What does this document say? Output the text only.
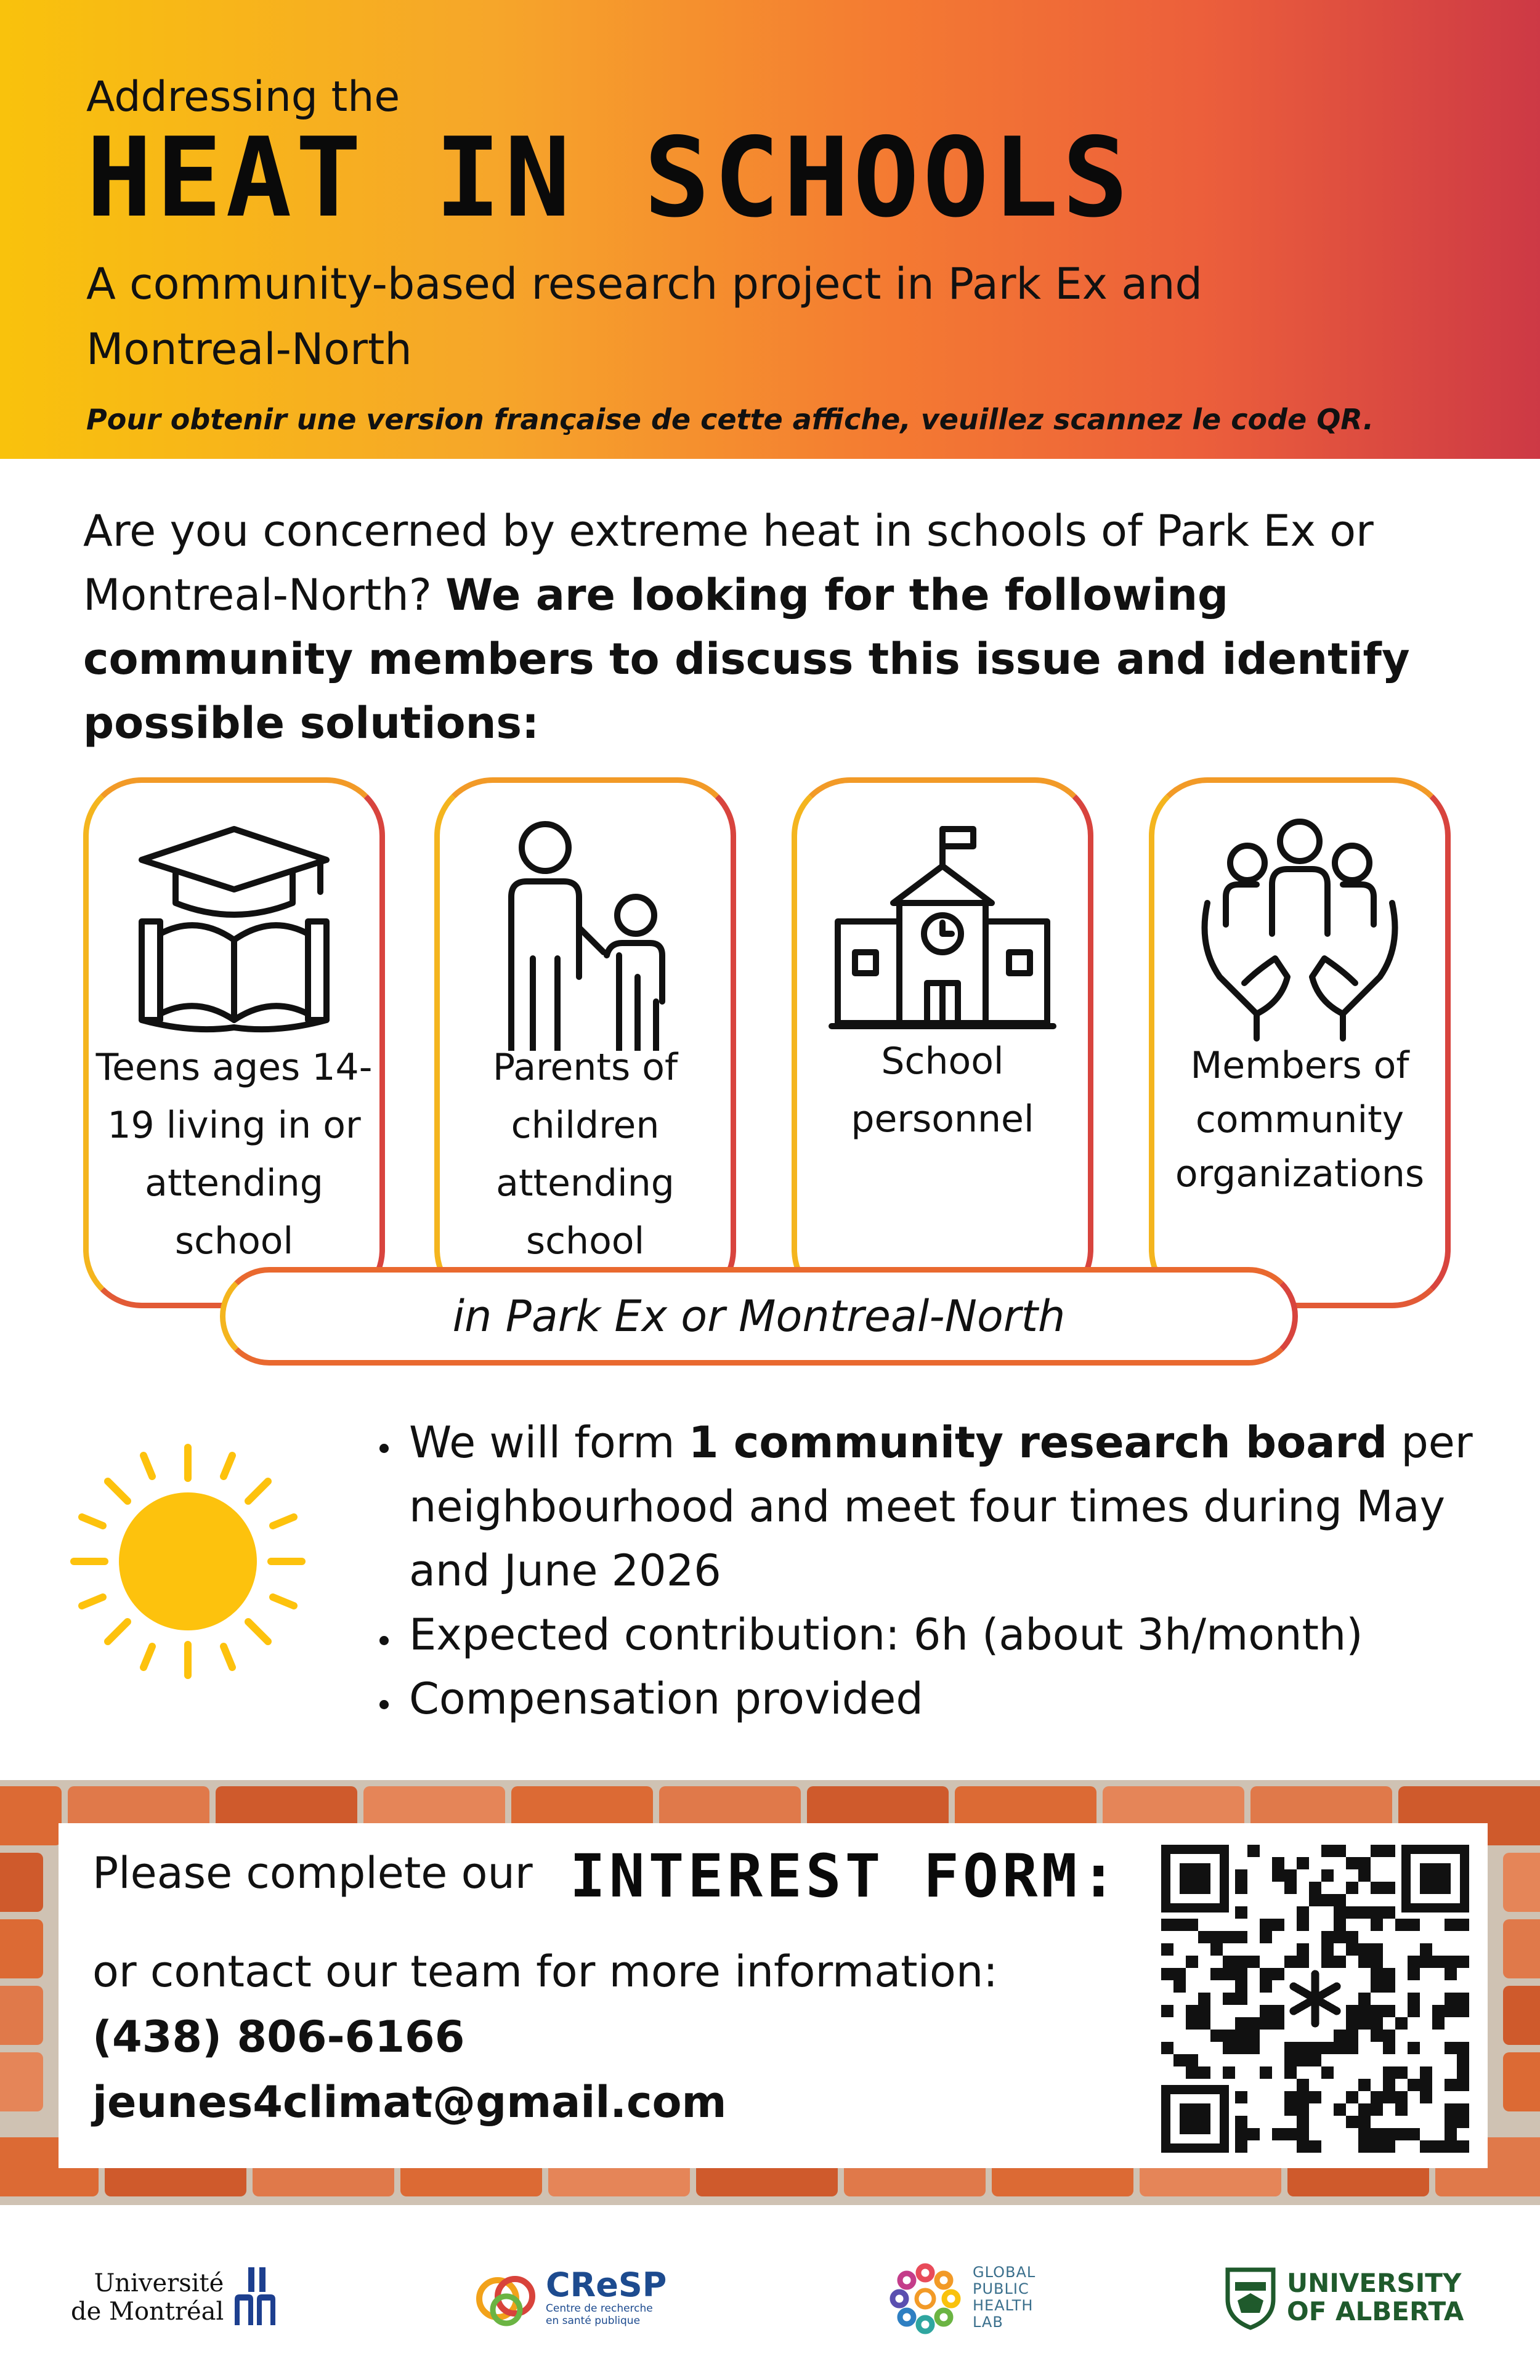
Addressing the
HEAT IN SCHOOLS
A community-based research project in Park Ex and Montreal-North
Pour obtenir une version française de cette affiche, veuillez scannez le code QR.
Are you concerned by extreme heat in schools of Park Ex or Montreal-North? We are looking for the following community members to discuss this issue and identify possible solutions:
Teens ages 14-19 living in or attending school
Parents of children attending school
School personnel
Members of community organizations
in Park Ex or Montreal-North
• We will form 1 community research board per neighbourhood and meet four times during May and June 2026
• Expected contribution: 6h (about 3h/month)
• Compensation provided
Please complete our INTEREST FORM:
or contact our team for more information:
(438) 806-6166
jeunes4climat@gmail.com
Université
de Montréal
CReSP
Centre de recherche
en santé publique
GLOBAL
PUBLIC
HEALTH
LAB
UNIVERSITY
OF ALBERTA
